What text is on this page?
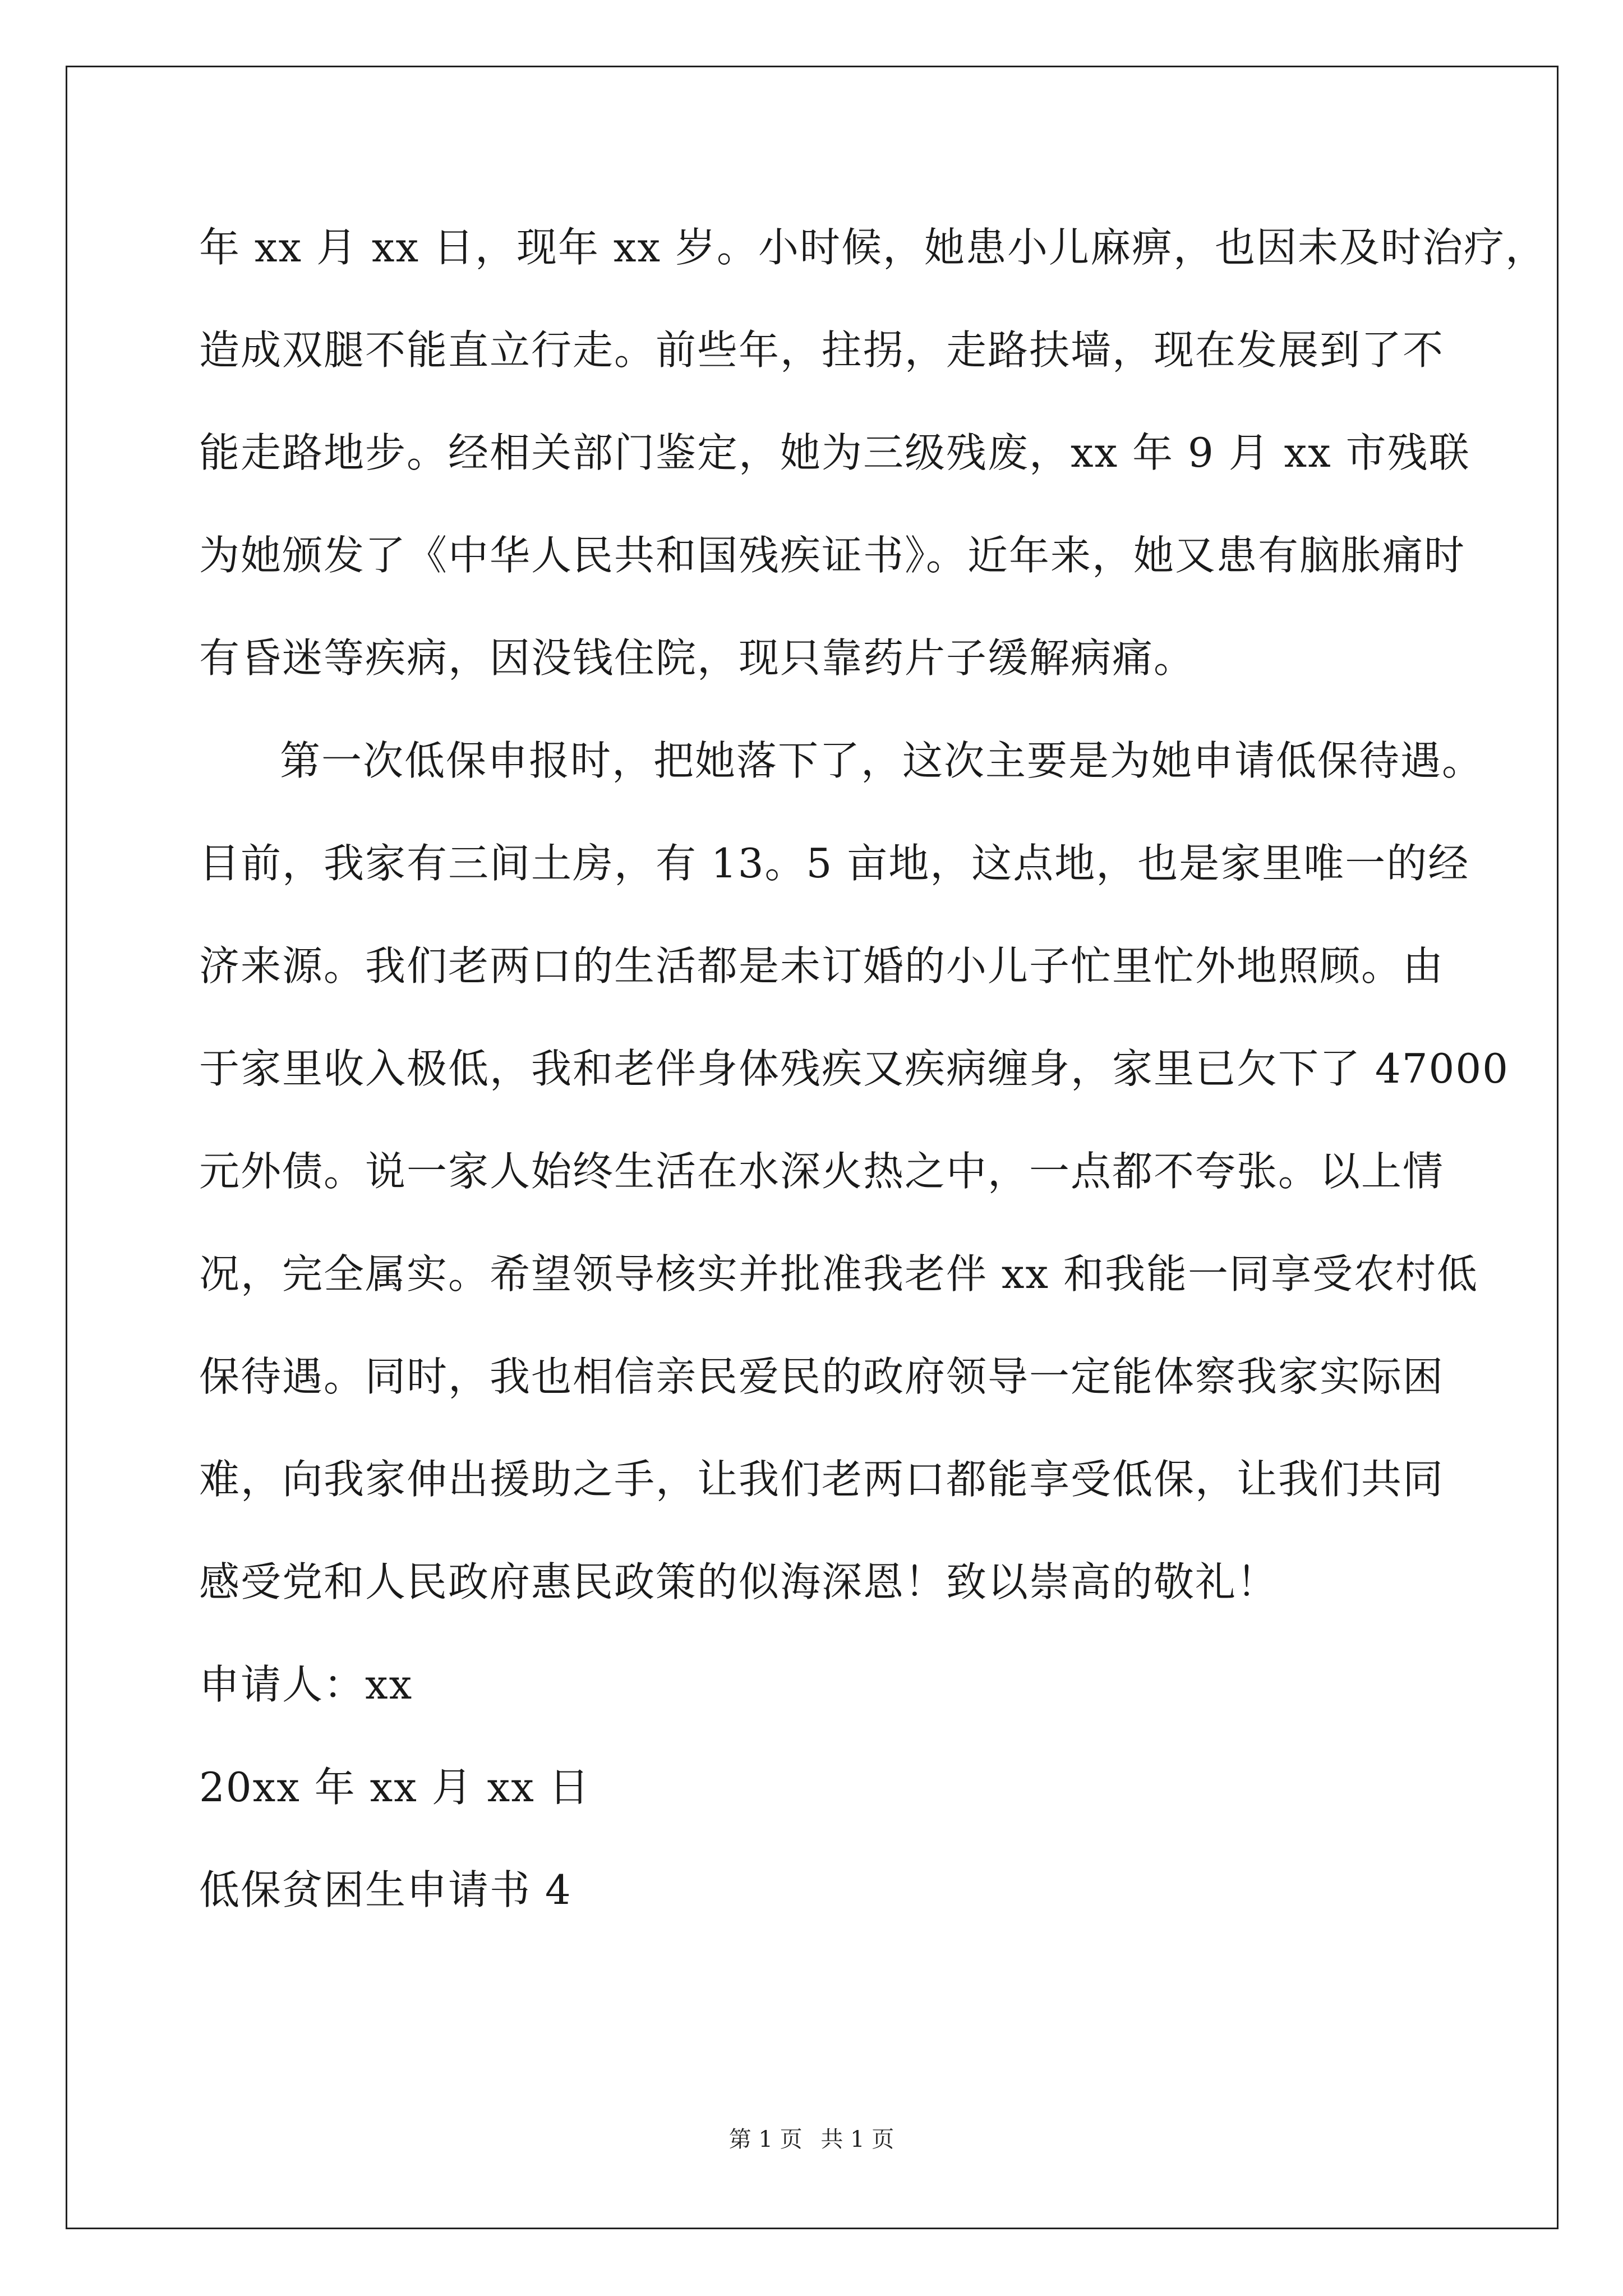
年 xx 月 xx 日，现年 xx 岁。小时候，她患小儿麻痹，也因未及时治疗，
造成双腿不能直立行走。前些年，拄拐，走路扶墙，现在发展到了不
能走路地步。经相关部门鉴定，她为三级残废，xx 年 9 月 xx 市残联
为她颁发了《中华人民共和国残疾证书》。近年来，她又患有脑胀痛时
有昏迷等疾病，因没钱住院，现只靠药片子缓解病痛。
第一次低保申报时，把她落下了，这次主要是为她申请低保待遇。
目前，我家有三间土房，有 13。5 亩地，这点地，也是家里唯一的经
济来源。我们老两口的生活都是未订婚的小儿子忙里忙外地照顾。由
于家里收入极低，我和老伴身体残疾又疾病缠身，家里已欠下了 47000
元外债。说一家人始终生活在水深火热之中，一点都不夸张。以上情
况，完全属实。希望领导核实并批准我老伴 xx 和我能一同享受农村低
保待遇。同时，我也相信亲民爱民的政府领导一定能体察我家实际困
难，向我家伸出援助之手，让我们老两口都能享受低保，让我们共同
感受党和人民政府惠民政策的似海深恩！致以崇高的敬礼！
申请人：xx
20xx 年 xx 月 xx 日
低保贫困生申请书 4
第 1 页 共 1 页
